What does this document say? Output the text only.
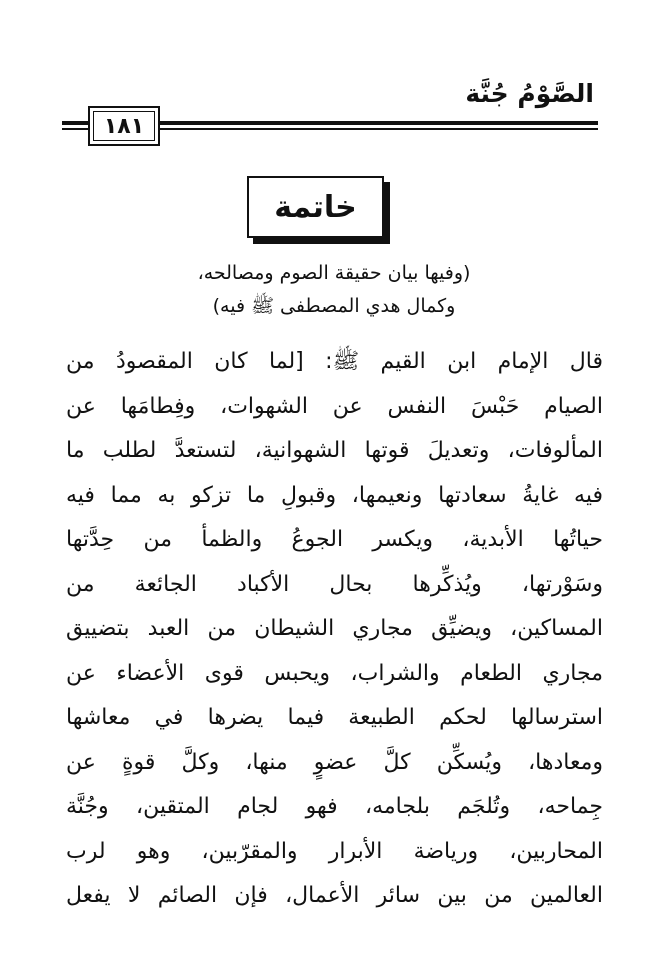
الصَّوْمُ جُنَّة
١٨١
خاتمة
(وفيها بيان حقيقة الصوم ومصالحه،
وكمال هدي المصطفى ﷺ فيه)
قال الإمام ابن القيم ﷺ: [لما كان المقصودُ من
الصيام حَبْسَ النفس عن الشهوات، وفِطامَها عن
المألوفات، وتعديلَ قوتها الشهوانية، لتستعدَّ لطلب ما
فيه غايةُ سعادتها ونعيمها، وقبولِ ما تزكو به مما فيه
حياتُها الأبدية، ويكسر الجوعُ والظمأ من حِدَّتها
وسَوْرتها، ويُذكِّرها بحال الأكباد الجائعة من
المساكين، ويضيِّق مجاري الشيطان من العبد بتضييق
مجاري الطعام والشراب، ويحبس قوى الأعضاء عن
استرسالها لحكم الطبيعة فيما يضرها في معاشها
ومعادها، ويُسكِّن كلَّ عضوٍ منها، وكلَّ قوةٍ عن
جِماحه، وتُلجَم بلجامه، فهو لجام المتقين، وجُنَّة
المحاربين، ورياضة الأبرار والمقرّبين، وهو لرب
العالمين من بين سائر الأعمال، فإن الصائم لا يفعل
